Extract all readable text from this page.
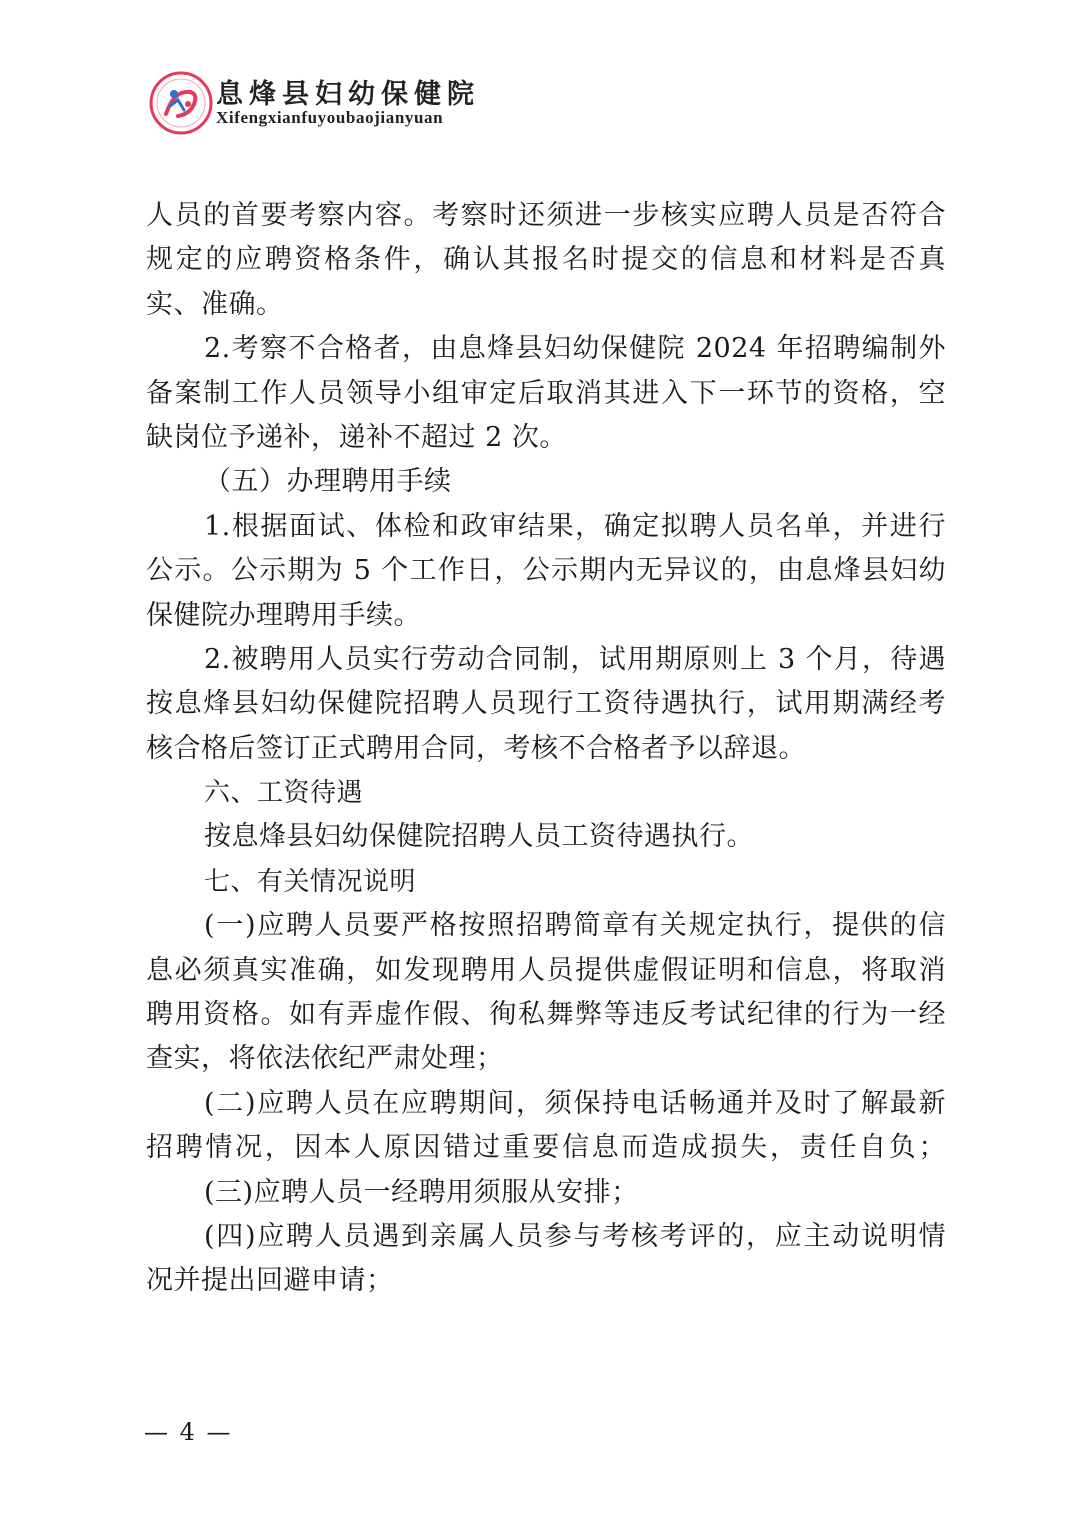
息烽县妇幼保健院
Xifengxianfuyoubaojianyuan
人员的首要考察内容。考察时还须进一步核实应聘人员是否符合
规定的应聘资格条件，确认其报名时提交的信息和材料是否真
实、准确。
2.考察不合格者，由息烽县妇幼保健院 2024 年招聘编制外
备案制工作人员领导小组审定后取消其进入下一环节的资格，空
缺岗位予递补，递补不超过 2 次。
（五）办理聘用手续
1.根据面试、体检和政审结果，确定拟聘人员名单，并进行
公示。公示期为 5 个工作日，公示期内无异议的，由息烽县妇幼
保健院办理聘用手续。
2.被聘用人员实行劳动合同制，试用期原则上 3 个月，待遇
按息烽县妇幼保健院招聘人员现行工资待遇执行，试用期满经考
核合格后签订正式聘用合同，考核不合格者予以辞退。
六、工资待遇
按息烽县妇幼保健院招聘人员工资待遇执行。
七、有关情况说明
(一)应聘人员要严格按照招聘简章有关规定执行，提供的信
息必须真实准确，如发现聘用人员提供虚假证明和信息，将取消
聘用资格。如有弄虚作假、徇私舞弊等违反考试纪律的行为一经
查实，将依法依纪严肃处理；
(二)应聘人员在应聘期间，须保持电话畅通并及时了解最新
招聘情况，因本人原因错过重要信息而造成损失，责任自负；
(三)应聘人员一经聘用须服从安排；
(四)应聘人员遇到亲属人员参与考核考评的，应主动说明情
况并提出回避申请；
— 4 —
